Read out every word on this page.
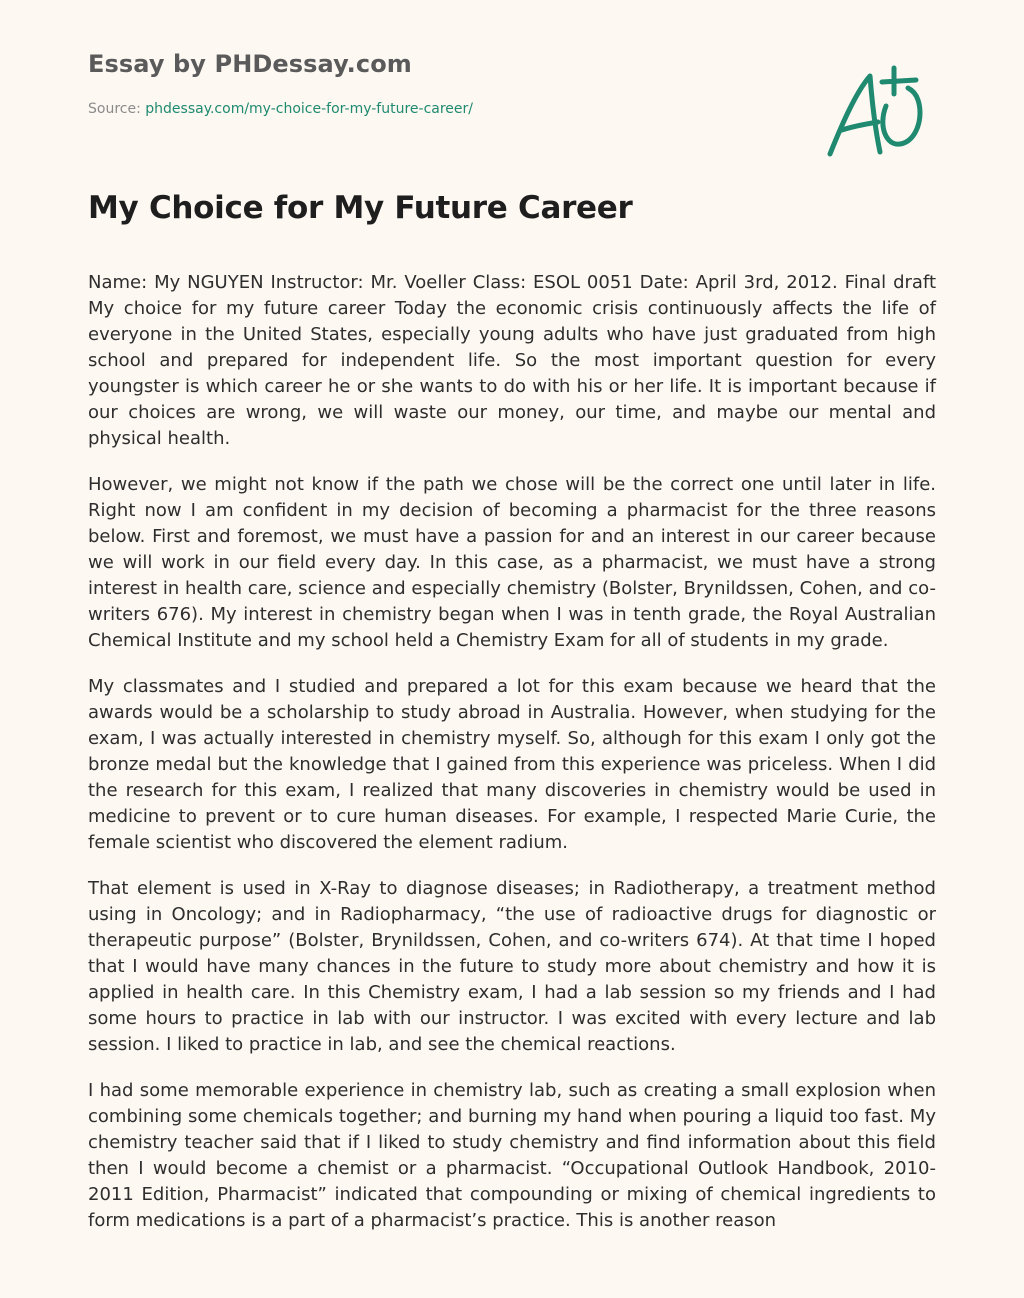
Essay by PHDessay.com
Source: phdessay.com/my-choice-for-my-future-career/
My Choice for My Future Career

Name: My NGUYEN Instructor: Mr. Voeller Class: ESOL 0051 Date: April 3rd, 2012. Final draft My choice for my future career Today the economic crisis continuously affects the life of everyone in the United States, especially young adults who have just graduated from high school and prepared for independent life. So the most important question for every youngster is which career he or she wants to do with his or her life. It is important because if our choices are wrong, we will waste our money, our time, and maybe our mental and physical health.

However, we might not know if the path we chose will be the correct one until later in life. Right now I am confident in my decision of becoming a pharmacist for the three reasons below. First and foremost, we must have a passion for and an interest in our career because we will work in our field every day. In this case, as a pharmacist, we must have a strong interest in health care, science and especially chemistry (Bolster, Brynildssen, Cohen, and co-writers 676). My interest in chemistry began when I was in tenth grade, the Royal Australian Chemical Institute and my school held a Chemistry Exam for all of students in my grade.

My classmates and I studied and prepared a lot for this exam because we heard that the awards would be a scholarship to study abroad in Australia. However, when studying for the exam, I was actually interested in chemistry myself. So, although for this exam I only got the bronze medal but the knowledge that I gained from this experience was priceless. When I did the research for this exam, I realized that many discoveries in chemistry would be used in medicine to prevent or to cure human diseases. For example, I respected Marie Curie, the female scientist who discovered the element radium.

That element is used in X-Ray to diagnose diseases; in Radiotherapy, a treatment method using in Oncology; and in Radiopharmacy, “the use of radioactive drugs for diagnostic or therapeutic purpose” (Bolster, Brynildssen, Cohen, and co-writers 674). At that time I hoped that I would have many chances in the future to study more about chemistry and how it is applied in health care. In this Chemistry exam, I had a lab session so my friends and I had some hours to practice in lab with our instructor. I was excited with every lecture and lab session. I liked to practice in lab, and see the chemical reactions.

I had some memorable experience in chemistry lab, such as creating a small explosion when combining some chemicals together; and burning my hand when pouring a liquid too fast. My chemistry teacher said that if I liked to study chemistry and find information about this field then I would become a chemist or a pharmacist. “Occupational Outlook Handbook, 2010-2011 Edition, Pharmacist” indicated that compounding or mixing of chemical ingredients to form medications is a part of a pharmacist’s practice. This is another reason
